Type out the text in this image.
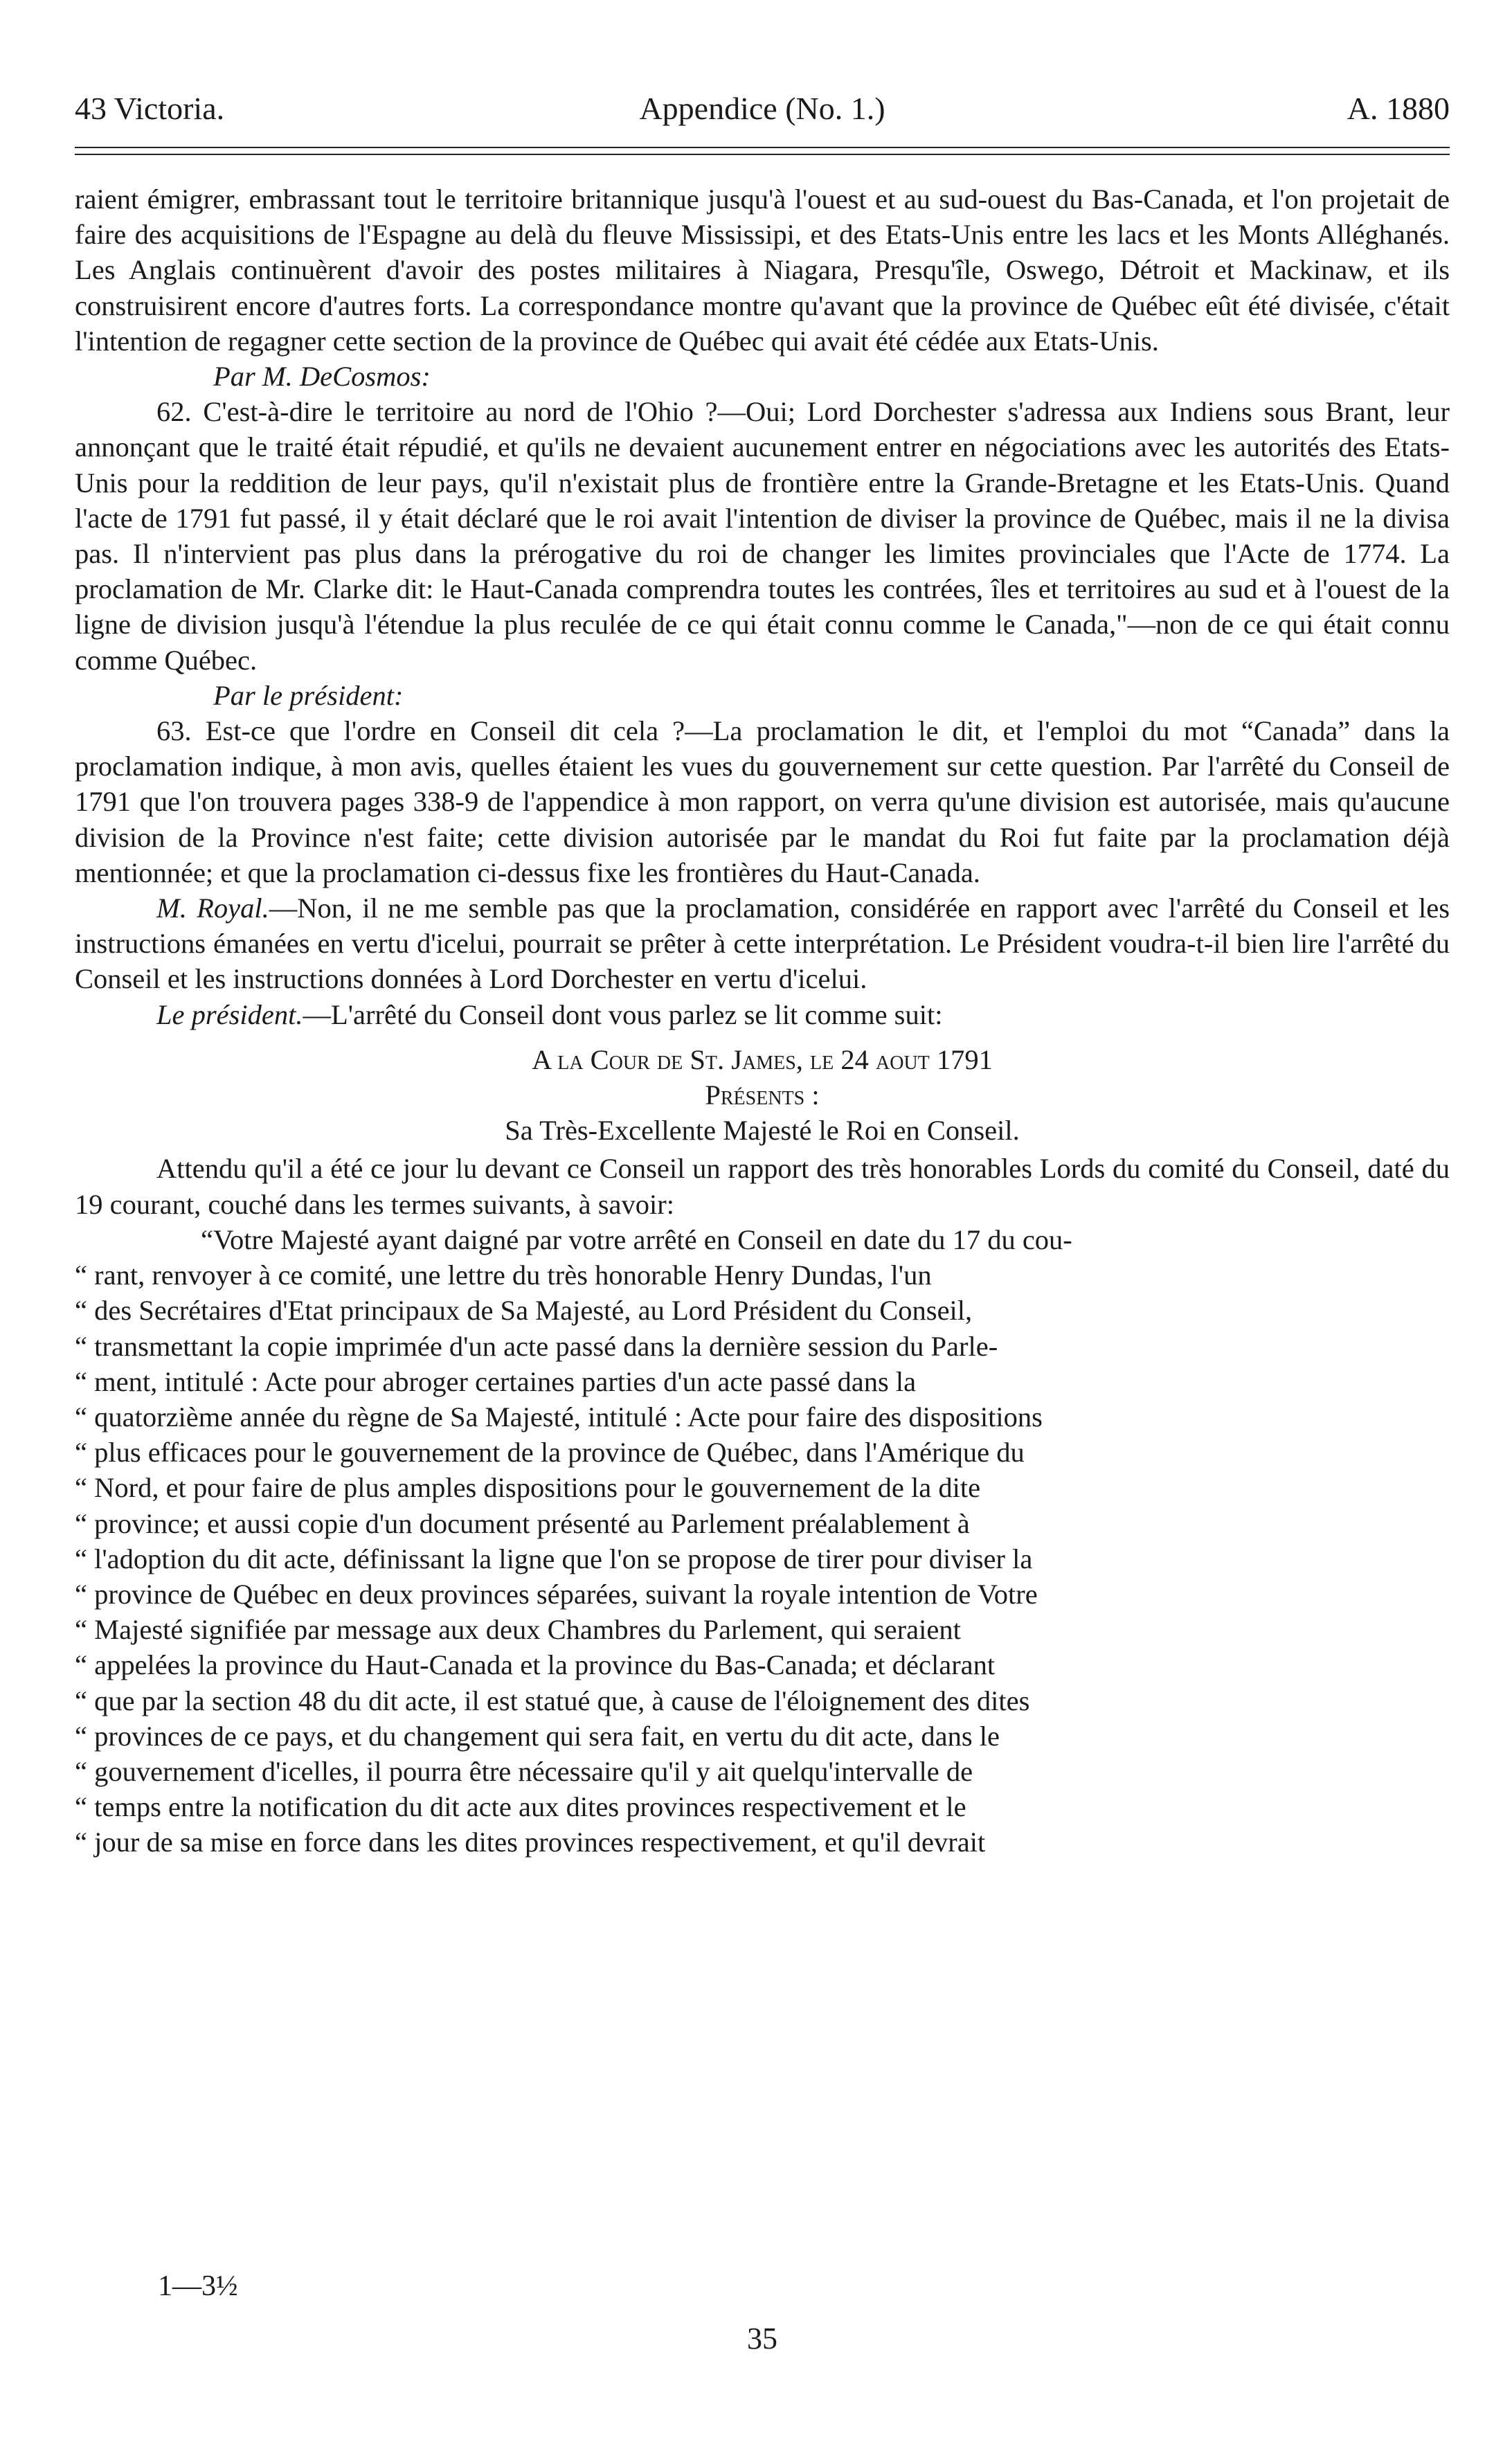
43 Victoria.	Appendice (No. 1.)	A. 1880

raient émigrer, embrassant tout le territoire britannique jusqu'à l'ouest et au sud-ouest du Bas-Canada, et l'on projetait de faire des acquisitions de l'Espagne au delà du fleuve Mississipi, et des Etats-Unis entre les lacs et les Monts Alléghanés. Les Anglais continuèrent d'avoir des postes militaires à Niagara, Presqu'île, Oswego, Détroit et Mackinaw, et ils construisirent encore d'autres forts. La correspondance montre qu'avant que la province de Québec eût été divisée, c'était l'intention de regagner cette section de la province de Québec qui avait été cédée aux Etats-Unis.

Par M. DeCosmos:

62. C'est-à-dire le territoire au nord de l'Ohio ?—Oui; Lord Dorchester s'adressa aux Indiens sous Brant, leur annonçant que le traité était répudié, et qu'ils ne devaient aucunement entrer en négociations avec les autorités des Etats-Unis pour la reddition de leur pays, qu'il n'existait plus de frontière entre la Grande-Bretagne et les Etats-Unis. Quand l'acte de 1791 fut passé, il y était déclaré que le roi avait l'intention de diviser la province de Québec, mais il ne la divisa pas. Il n'intervient pas plus dans la prérogative du roi de changer les limites provinciales que l'Acte de 1774. La proclamation de Mr. Clarke dit: le Haut-Canada comprendra toutes les contrées, îles et territoires au sud et à l'ouest de la ligne de division jusqu'à l'étendue la plus reculée de ce qui était connu comme le Canada,"—non de ce qui était connu comme Québec.

Par le président:

63. Est-ce que l'ordre en Conseil dit cela ?—La proclamation le dit, et l'emploi du mot “Canada” dans la proclamation indique, à mon avis, quelles étaient les vues du gouvernement sur cette question. Par l'arrêté du Conseil de 1791 que l'on trouvera pages 338-9 de l'appendice à mon rapport, on verra qu'une division est autorisée, mais qu'aucune division de la Province n'est faite; cette division autorisée par le mandat du Roi fut faite par la proclamation déjà mentionnée; et que la proclamation ci-dessus fixe les frontières du Haut-Canada.

M. Royal.—Non, il ne me semble pas que la proclamation, considérée en rapport avec l'arrêté du Conseil et les instructions émanées en vertu d'icelui, pourrait se prêter à cette interprétation. Le Président voudra-t-il bien lire l'arrêté du Conseil et les instructions données à Lord Dorchester en vertu d'icelui.

Le président.—L'arrêté du Conseil dont vous parlez se lit comme suit:

A la Cour de St. James, le 24 aout 1791

Présents :

Sa Très-Excellente Majesté le Roi en Conseil.

Attendu qu'il a été ce jour lu devant ce Conseil un rapport des très honorables Lords du comité du Conseil, daté du 19 courant, couché dans les termes suivants, à savoir:

“Votre Majesté ayant daigné par votre arrêté en Conseil en date du 17 du cou-

“ rant, renvoyer à ce comité, une lettre du très honorable Henry Dundas, l'un

“ des Secrétaires d'Etat principaux de Sa Majesté, au Lord Président du Conseil,

“ transmettant la copie imprimée d'un acte passé dans la dernière session du Parle-

“ ment, intitulé : Acte pour abroger certaines parties d'un acte passé dans la

“ quatorzième année du règne de Sa Majesté, intitulé : Acte pour faire des dispositions

“ plus efficaces pour le gouvernement de la province de Québec, dans l'Amérique du

“ Nord, et pour faire de plus amples dispositions pour le gouvernement de la dite

“ province; et aussi copie d'un document présenté au Parlement préalablement à

“ l'adoption du dit acte, définissant la ligne que l'on se propose de tirer pour diviser la

“ province de Québec en deux provinces séparées, suivant la royale intention de Votre

“ Majesté signifiée par message aux deux Chambres du Parlement, qui seraient

“ appelées la province du Haut-Canada et la province du Bas-Canada; et déclarant

“ que par la section 48 du dit acte, il est statué que, à cause de l'éloignement des dites

“ provinces de ce pays, et du changement qui sera fait, en vertu du dit acte, dans le

“ gouvernement d'icelles, il pourra être nécessaire qu'il y ait quelqu'intervalle de

“ temps entre la notification du dit acte aux dites provinces respectivement et le

“ jour de sa mise en force dans les dites provinces respectivement, et qu'il devrait

1—3½
35
